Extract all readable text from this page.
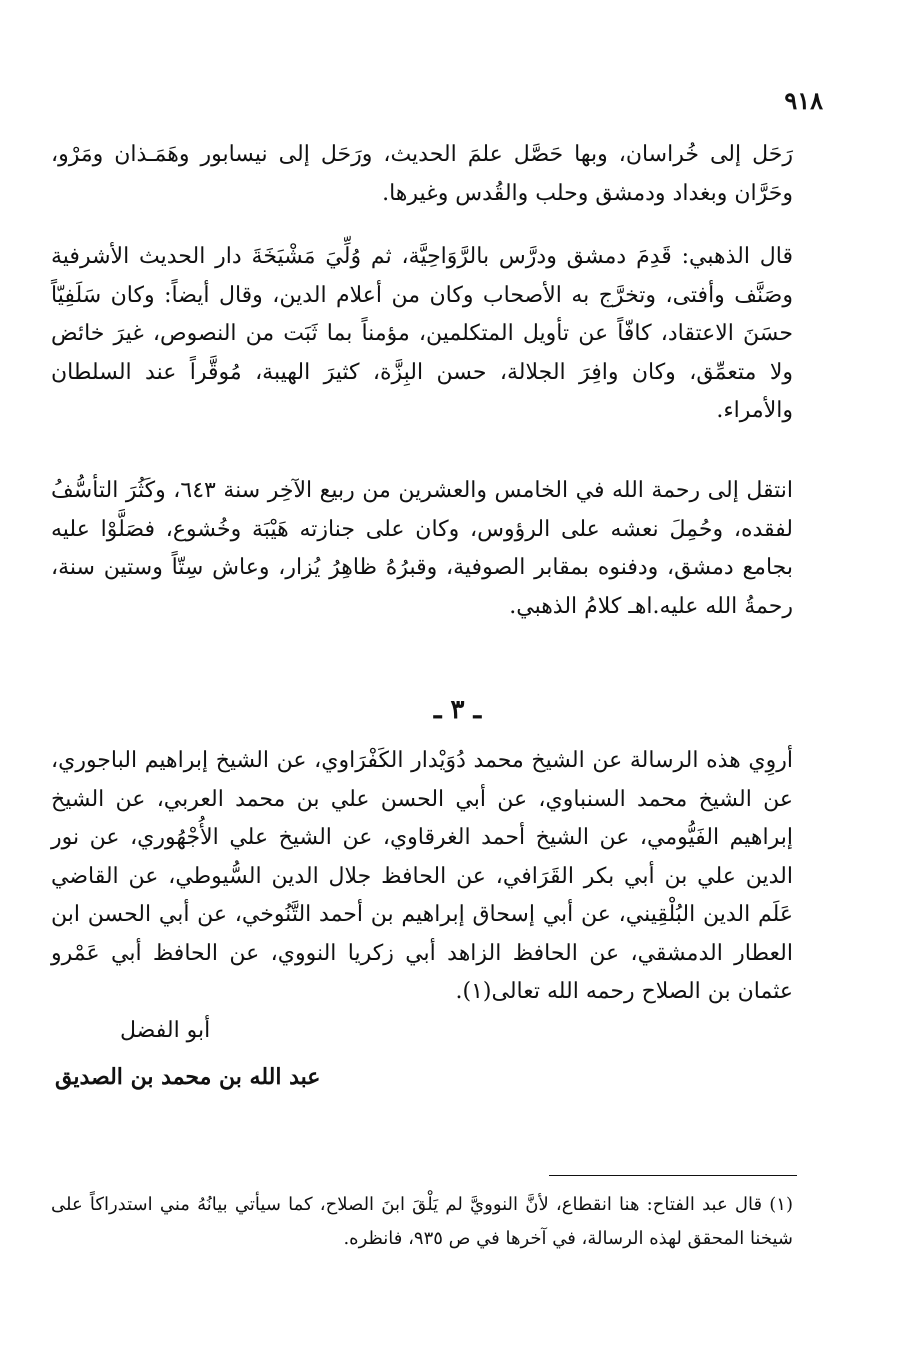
٩١٨

رَحَل إلى خُراسان، وبها حَصَّل علمَ الحديث، ورَحَل إلى نيسابور وهَمَـذان ومَرْو، وحَرَّان وبغداد ودمشق وحلب والقُدس وغيرها.

قال الذهبي: قَدِمَ دمشق ودرَّس بالرَّوَاحِيَّة، ثم وُلِّيَ مَشْيَخَةَ دار الحديث الأشرفية وصَنَّف وأفتى، وتخرَّج به الأصحاب وكان من أعلام الدين، وقال أيضاً: وكان سَلَفِيّاً حسَنَ الاعتقاد، كافّاً عن تأويل المتكلمين، مؤمناً بما ثَبَت من النصوص، غيرَ خائض ولا متعمِّق، وكان وافِرَ الجلالة، حسن البِزَّة، كثيرَ الهيبة، مُوقَّراً عند السلطان والأمراء.

انتقل إلى رحمة الله في الخامس والعشرين من ربيع الآخِر سنة ٦٤٣، وكَثُرَ التأسُّفُ لفقده، وحُمِلَ نعشه على الرؤوس، وكان على جنازته هَيْبَة وخُشوع، فصَلَّوْا عليه بجامع دمشق، ودفنوه بمقابر الصوفية، وقبرُهُ ظاهِرُ يُزار، وعاش سِتّاً وستين سنة، رحمةُ الله عليه.اهـ كلامُ الذهبي.

ـ ٣ ـ

أروِي هذه الرسالة عن الشيخ محمد دُوَيْدار الكَفْرَاوي، عن الشيخ إبراهيم الباجوري، عن الشيخ محمد السنباوي، عن أبي الحسن علي بن محمد العربي، عن الشيخ إبراهيم الفَيُّومي، عن الشيخ أحمد الغرقاوي، عن الشيخ علي الأُجْهُوري، عن نور الدين علي بن أبي بكر القَرَافي، عن الحافظ جلال الدين السُّيوطي، عن القاضي عَلَم الدين البُلْقِيني، عن أبي إسحاق إبراهيم بن أحمد التَّنُوخي، عن أبي الحسن ابن العطار الدمشقي، عن الحافظ الزاهد أبي زكريا النووي، عن الحافظ أبي عَمْرو عثمان بن الصلاح رحمه الله تعالى(١).

أبو الفضل
عبد الله بن محمد بن الصديق
(١) قال عبد الفتاح: هنا انقطاع، لأنَّ النوويَّ لم يَلْقَ ابنَ الصلاح، كما سيأتي بيانُهُ مني استدراكاً على شيخنا المحقق لهذه الرسالة، في آخرها في ص ٩٣٥، فانظره.
